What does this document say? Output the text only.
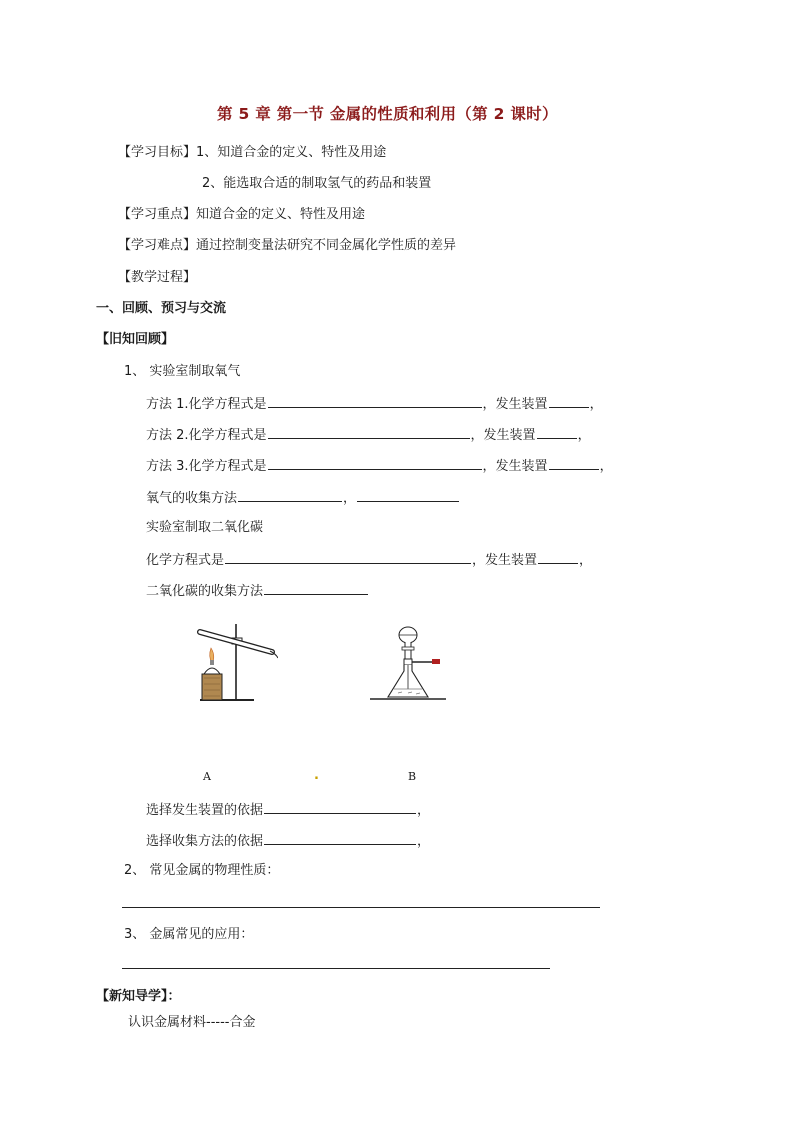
第 5 章 第一节 金属的性质和利用（第 2 课时）
【学习目标】1、知道合金的定义、特性及用途
2、能选取合适的制取氢气的药品和装置
【学习重点】知道合金的定义、特性及用途
【学习难点】通过控制变量法研究不同金属化学性质的差异
【教学过程】
一、回顾、预习与交流
【旧知回顾】
1、 实验室制取氧气
方法 1.化学方程式是	，发生装置	，
方法 2.化学方程式是	，发生装置	，
方法 3.化学方程式是	，发生装置	，
氧气的收集方法	，
实验室制取二氧化碳
化学方程式是	，发生装置	，
二氧化碳的收集方法
A	.	B
选择发生装置的依据	，
选择收集方法的依据	，
2、 常见金属的物理性质：
3、 金属常见的应用：
【新知导学】：
认识金属材料-----合金
